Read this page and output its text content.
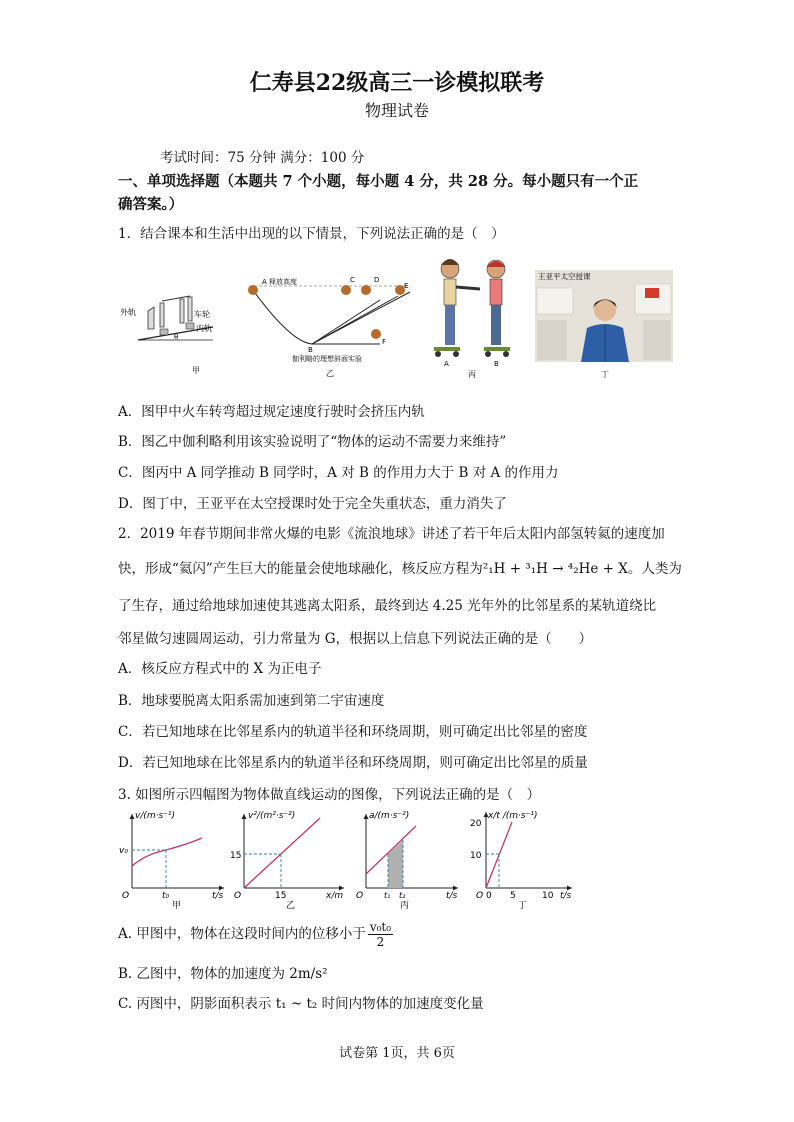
仁寿县22级高三一诊模拟联考
物理试卷
考试时间：75 分钟 满分：100 分
一、单项选择题（本题共 7 个小题，每小题 4 分，共 28 分。每小题只有一个正
确答案。）
1．结合课本和生活中出现的以下情景，下列说法正确的是（　）
外轨	车轮
内轨
θ
甲
A 释放高度	C	D
E
B
F
伽利略的理想斜面实验
乙
A	B
丙
王亚平太空授课
丁
A．图甲中火车转弯超过规定速度行驶时会挤压内轨
B．图乙中伽利略利用该实验说明了“物体的运动不需要力来维持”
C．图丙中 A 同学推动 B 同学时，A 对 B 的作用力大于 B 对 A 的作用力
D．图丁中，王亚平在太空授课时处于完全失重状态，重力消失了
2．2019 年春节期间非常火爆的电影《流浪地球》讲述了若干年后太阳内部氢转氦的速度加
快，形成“氦闪”产生巨大的能量会使地球融化，核反应方程为²₁H + ³₁H → ⁴₂He + X。人类为
了生存，通过给地球加速使其逃离太阳系，最终到达 4.25 光年外的比邻星系的某轨道绕比
邻星做匀速圆周运动，引力常量为 G，根据以上信息下列说法正确的是（　　）
A．核反应方程式中的 X 为正电子
B．地球要脱离太阳系需加速到第二宇宙速度
C．若已知地球在比邻星系内的轨道半径和环绕周期，则可确定出比邻星的密度
D．若已知地球在比邻星系内的轨道半径和环绕周期，则可确定出比邻星的质量
3. 如图所示四幅图为物体做直线运动的图像，下列说法正确的是（　）
v/(m·s⁻¹)
v₀
t₀	t/s
O
甲
v²/(m²·s⁻²)
15
15	x/m
O
乙
a/(m·s⁻²)
t₁ t₂	t/s
O
丙
x/t /(m·s⁻¹)
20
10
0 5	10 t/s
O
丁
A. 甲图中，物体在这段时间内的位移小于 $\frac{\text{v₀t₀}}{2}$
B. 乙图中，物体的加速度为 2m/s²
C. 丙图中，阴影面积表示 t₁ ~ t₂ 时间内物体的加速度变化量
试卷第 1页，共 6页
